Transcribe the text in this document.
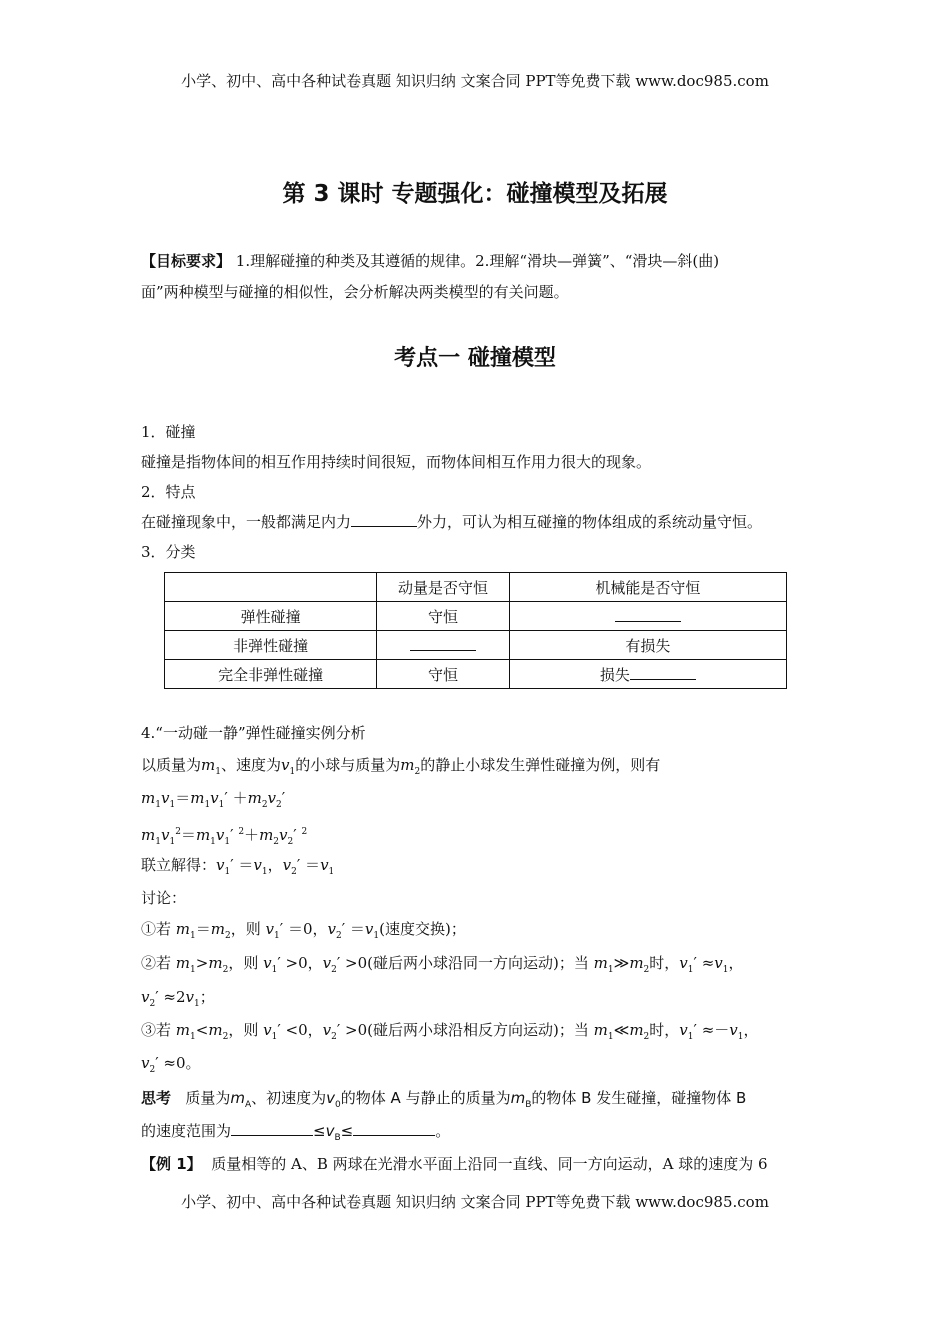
小学、初中、高中各种试卷真题 知识归纳 文案合同 PPT等免费下载 www.doc985.com
第 3 课时 专题强化：碰撞模型及拓展
【目标要求】 1.理解碰撞的种类及其遵循的规律。2.理解“滑块—弹簧”、“滑块—斜(曲)
面”两种模型与碰撞的相似性，会分析解决两类模型的有关问题。
考点一 碰撞模型
1．碰撞
碰撞是指物体间的相互作用持续时间很短，而物体间相互作用力很大的现象。
2．特点
在碰撞现象中，一般都满足内力	外力，可认为相互碰撞的物体组成的系统动量守恒。
3．分类
	动量是否守恒	机械能是否守恒
弹性碰撞	守恒	
非弹性碰撞		有损失
完全非弹性碰撞	守恒	损失
4.“一动碰一静”弹性碰撞实例分析
以质量为$m_1$、速度为$v_1$的小球与质量为$m_2$的静止小球发生弹性碰撞为例，则有
$m_1v_1=m_1v_1' +m_2v_2'$
$m_1v_1^2=m_1v_1'$ $^2+m_2v_2'$ $^2$
联立解得：$v_1' =v_1$，$v_2' =v_1$
讨论：
①若 $m_1=m_2$，则 $v_1' =0$，$v_2' =v_1$(速度交换)；
②若 $m_1>m_2$，则 $v_1' >0$，$v_2' >0$(碰后两小球沿同一方向运动)；当 $m_1≫m_2$时，$v_1' \approx v_1$，
$v_2' \approx 2v_1$；
③若 $m_1<m_2$，则 $v_1' <0$，$v_2' >0$(碰后两小球沿相反方向运动)；当 $m_1≪m_2$时，$v_1' \approx-v_1$，
$v_2' \approx 0$。
思考 质量为$m_A$、初速度为$v_0$的物体 A 与静止的质量为$m_B$的物体 B 发生碰撞，碰撞物体 B
的速度范围为	$\le v_B\le$	。
【例 1】 质量相等的 A、B 两球在光滑水平面上沿同一直线、同一方向运动，A 球的速度为 6
小学、初中、高中各种试卷真题 知识归纳 文案合同 PPT等免费下载 www.doc985.com
